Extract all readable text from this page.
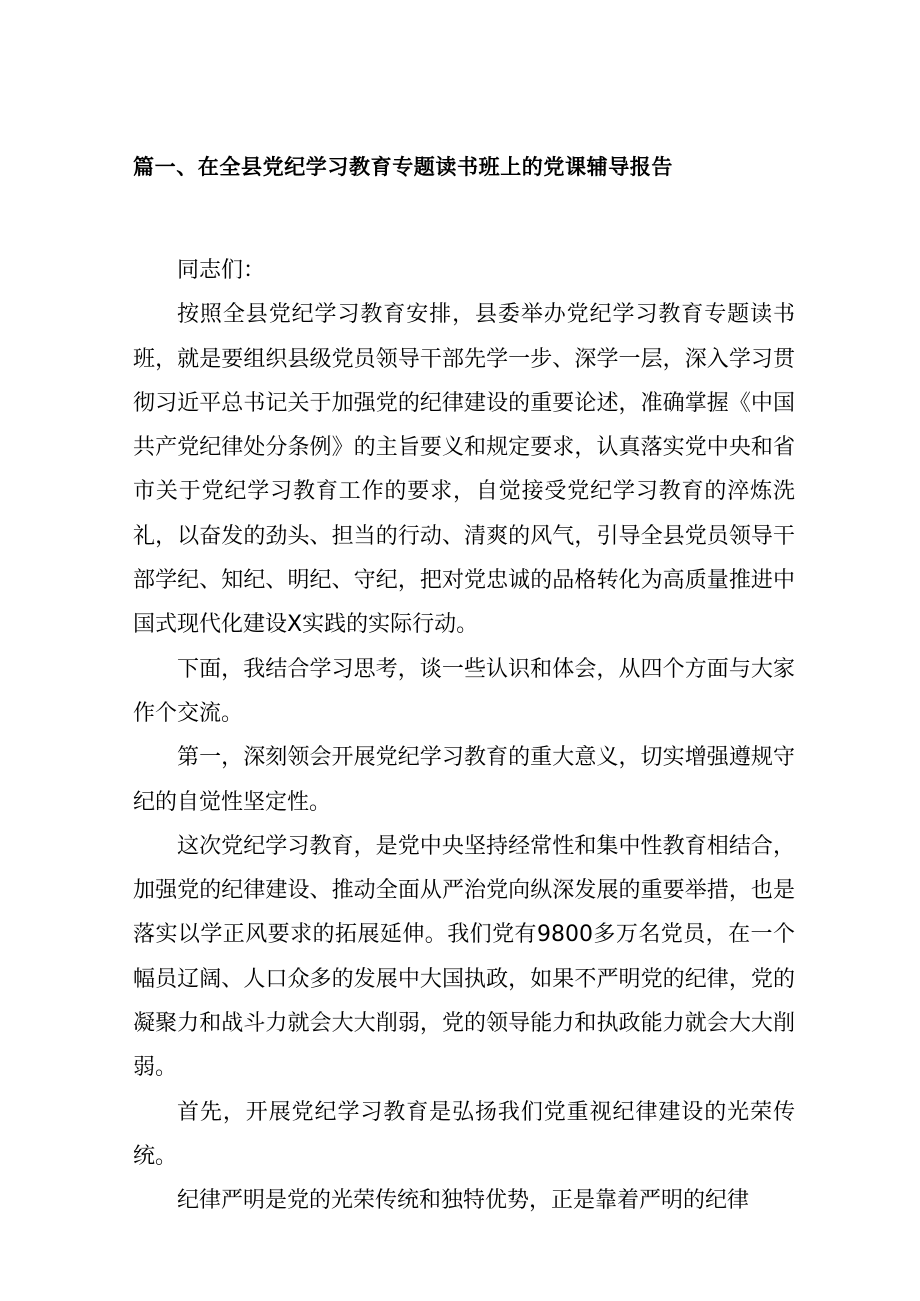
篇一、在全县党纪学习教育专题读书班上的党课辅导报告

同志们：

按照全县党纪学习教育安排，县委举办党纪学习教育专题读书班，就是要组织县级党员领导干部先学一步、深学一层，深入学习贯彻习近平总书记关于加强党的纪律建设的重要论述，准确掌握《中国共产党纪律处分条例》的主旨要义和规定要求，认真落实党中央和省市关于党纪学习教育工作的要求，自觉接受党纪学习教育的淬炼洗礼，以奋发的劲头、担当的行动、清爽的风气，引导全县党员领导干部学纪、知纪、明纪、守纪，把对党忠诚的品格转化为高质量推进中国式现代化建设X实践的实际行动。

下面，我结合学习思考，谈一些认识和体会，从四个方面与大家作个交流。

第一，深刻领会开展党纪学习教育的重大意义，切实增强遵规守纪的自觉性坚定性。

这次党纪学习教育，是党中央坚持经常性和集中性教育相结合，加强党的纪律建设、推动全面从严治党向纵深发展的重要举措，也是落实以学正风要求的拓展延伸。我们党有9800多万名党员，在一个幅员辽阔、人口众多的发展中大国执政，如果不严明党的纪律，党的凝聚力和战斗力就会大大削弱，党的领导能力和执政能力就会大大削弱。

首先，开展党纪学习教育是弘扬我们党重视纪律建设的光荣传统。

纪律严明是党的光荣传统和独特优势，正是靠着严明的纪律
